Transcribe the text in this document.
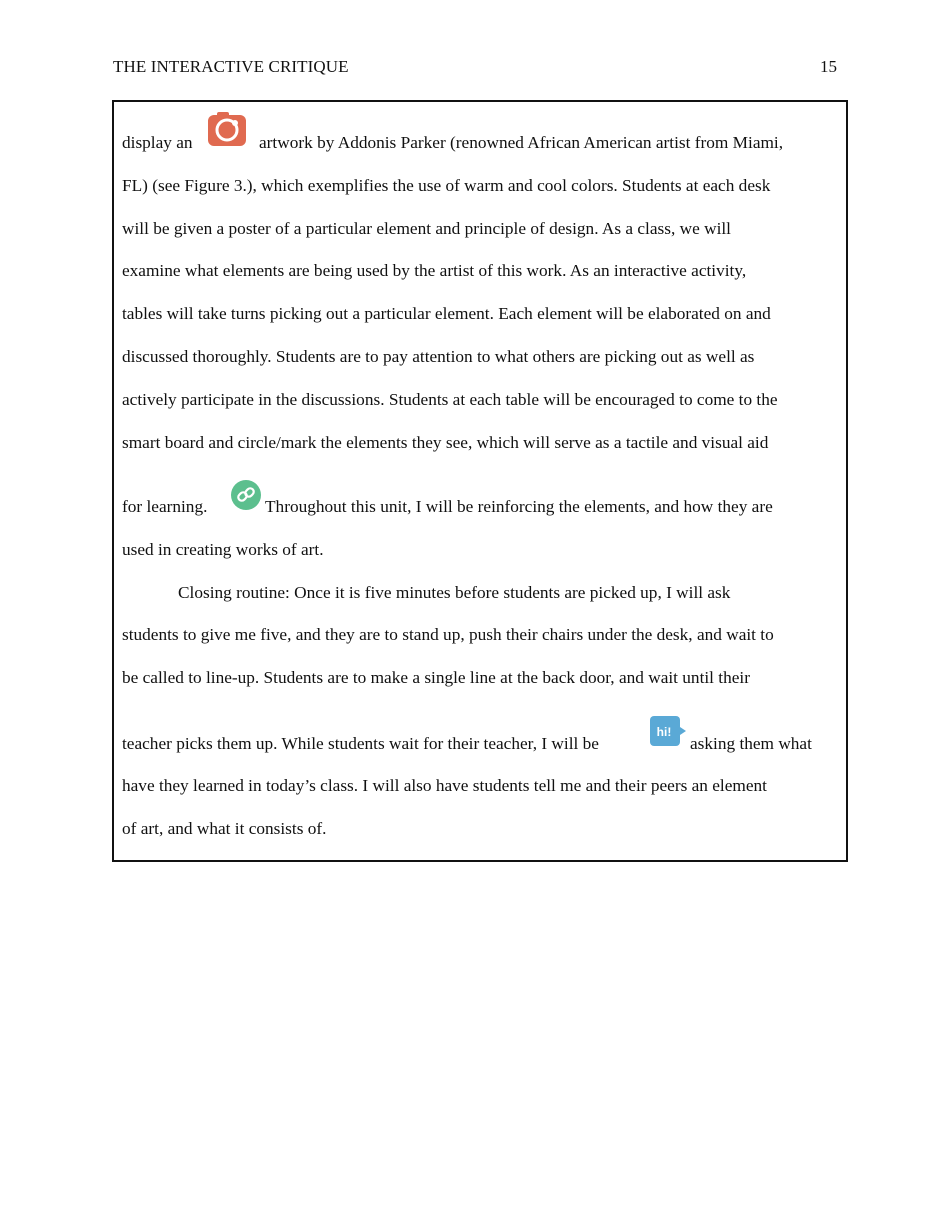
THE INTERACTIVE CRITIQUE	15
display an	artwork by Addonis Parker (renowned African American artist from Miami,
FL) (see Figure 3.), which exemplifies the use of warm and cool colors. Students at each desk
will be given a poster of a particular element and principle of design. As a class, we will
examine what elements are being used by the artist of this work. As an interactive activity,
tables will take turns picking out a particular element. Each element will be elaborated on and
discussed thoroughly. Students are to pay attention to what others are picking out as well as
actively participate in the discussions. Students at each table will be encouraged to come to the
smart board and circle/mark the elements they see, which will serve as a tactile and visual aid
for learning.	Throughout this unit, I will be reinforcing the elements, and how they are
used in creating works of art.
Closing routine: Once it is five minutes before students are picked up, I will ask
students to give me five, and they are to stand up, push their chairs under the desk, and wait to
be called to line-up. Students are to make a single line at the back door, and wait until their
teacher picks them up. While students wait for their teacher, I will be
hi!
asking them what
have they learned in today’s class. I will also have students tell me and their peers an element
of art, and what it consists of.
